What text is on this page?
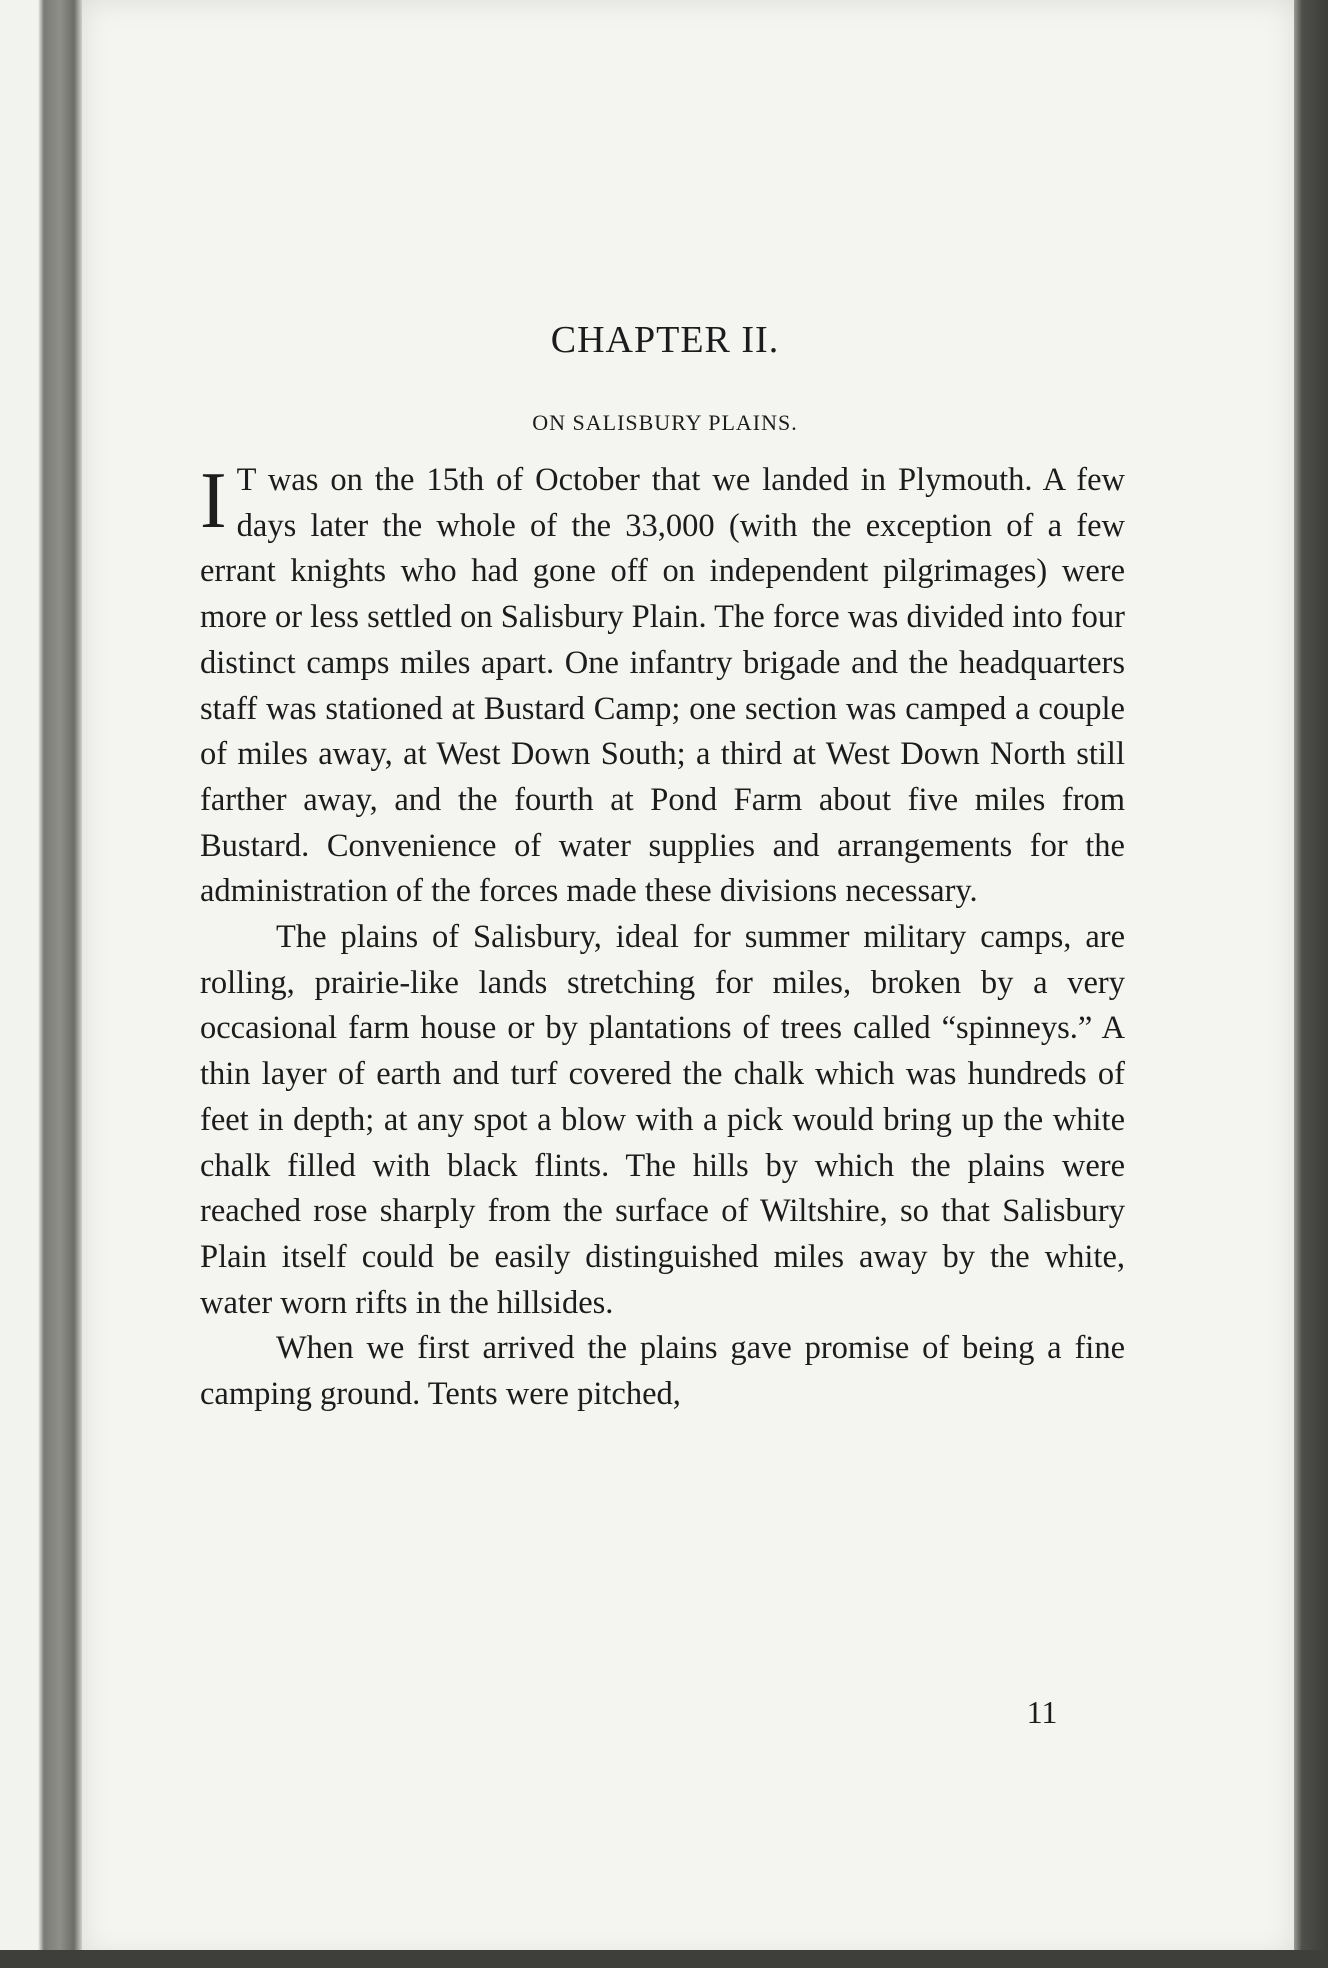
CHAPTER II.
ON SALISBURY PLAINS.

I T was on the 15th of October that we landed in Plymouth. A few days later the whole of the 33,000 (with the exception of a few errant knights who had gone off on independent pilgrimages) were more or less settled on Salisbury Plain. The force was divided into four distinct camps miles apart. One infantry brigade and the headquarters staff was stationed at Bustard Camp; one section was camped a couple of miles away, at West Down South; a third at West Down North still farther away, and the fourth at Pond Farm about five miles from Bustard. Convenience of water supplies and arrangements for the administration of the forces made these divisions necessary.

The plains of Salisbury, ideal for summer military camps, are rolling, prairie-like lands stretching for miles, broken by a very occasional farm house or by plantations of trees called “spinneys.” A thin layer of earth and turf covered the chalk which was hundreds of feet in depth; at any spot a blow with a pick would bring up the white chalk filled with black flints. The hills by which the plains were reached rose sharply from the surface of Wiltshire, so that Salisbury Plain itself could be easily distinguished miles away by the white, water worn rifts in the hillsides.

When we first arrived the plains gave promise of being a fine camping ground. Tents were pitched,

11
